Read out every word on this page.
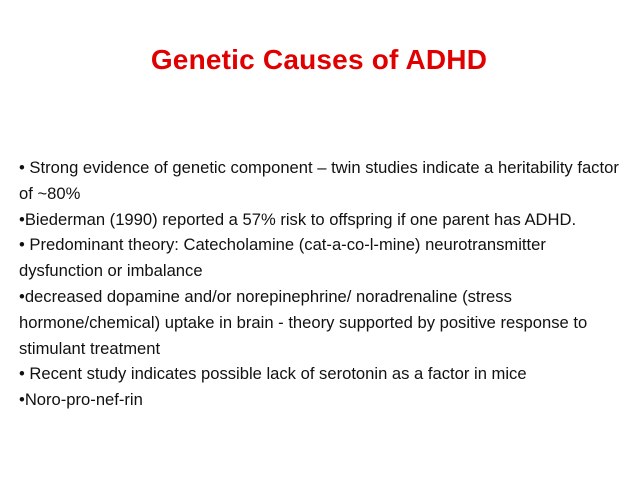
Genetic Causes of ADHD

• Strong evidence of genetic component – twin studies indicate a heritability factor of ~80%

•Biederman (1990) reported a 57% risk to offspring if one parent has ADHD.

• Predominant theory: Catecholamine (cat-a-co-l-mine) neurotransmitter dysfunction or imbalance

•decreased dopamine and/or norepinephrine/ noradrenaline (stress hormone/chemical) uptake in brain - theory supported by positive response to stimulant treatment

• Recent study indicates possible lack of serotonin as a factor in mice

•Noro-pro-nef-rin
